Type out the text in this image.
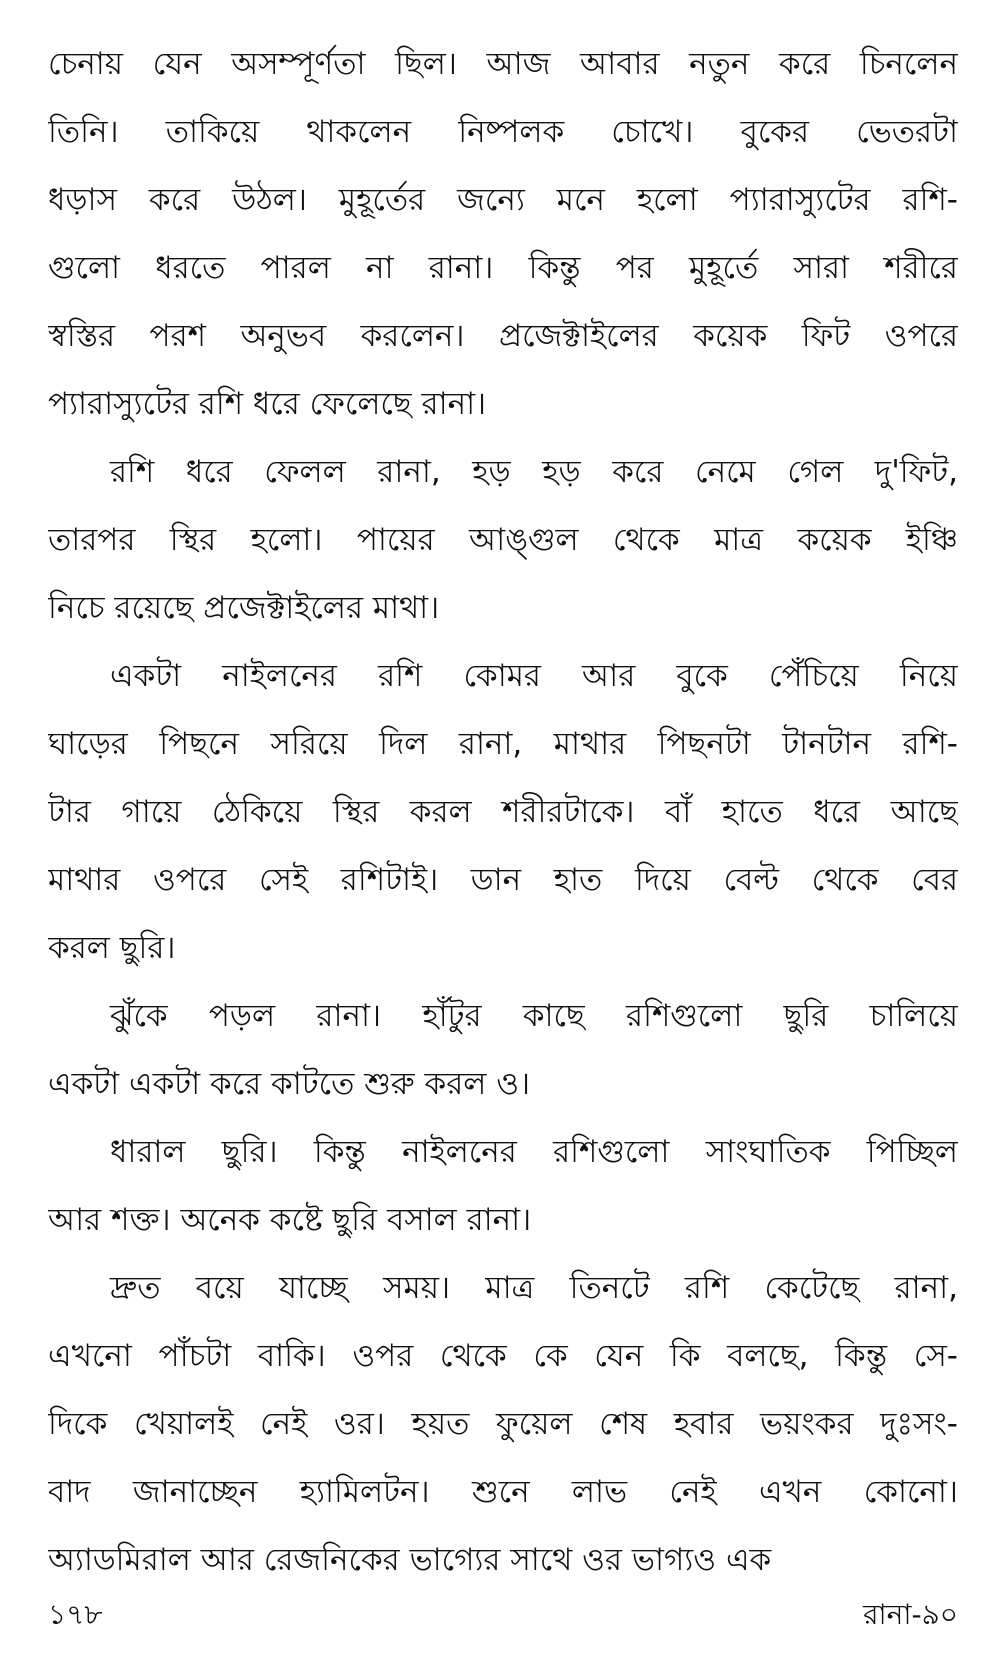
চেনায় যেন অসম্পূর্ণতা ছিল। আজ আবার নতুন করে চিনলেন
তিনি। তাকিয়ে থাকলেন নিষ্পলক চোখে। বুকের ভেতরটা
ধড়াস করে উঠল। মুহূর্তের জন্যে মনে হলো প্যারাস্যুটের রশি-
গুলো ধরতে পারল না রানা। কিন্তু পর মুহূর্তে সারা শরীরে
স্বস্তির পরশ অনুভব করলেন। প্রজেক্টাইলের কয়েক ফিট ওপরে
প্যারাস্যুটের রশি ধরে ফেলেছে রানা।
রশি ধরে ফেলল রানা, হড় হড় করে নেমে গেল দু'ফিট,
তারপর স্থির হলো। পায়ের আঙ্গুল থেকে মাত্র কয়েক ইঞ্চি
নিচে রয়েছে প্রজেক্টাইলের মাথা।
একটা নাইলনের রশি কোমর আর বুকে পেঁচিয়ে নিয়ে
ঘাড়ের পিছনে সরিয়ে দিল রানা, মাথার পিছনটা টানটান রশি-
টার গায়ে ঠেকিয়ে স্থির করল শরীরটাকে। বাঁ হাতে ধরে আছে
মাথার ওপরে সেই রশিটাই। ডান হাত দিয়ে বেল্ট থেকে বের
করল ছুরি।
ঝুঁকে পড়ল রানা। হাঁটুর কাছে রশিগুলো ছুরি চালিয়ে
একটা একটা করে কাটতে শুরু করল ও।
ধারাল ছুরি। কিন্তু নাইলনের রশিগুলো সাংঘাতিক পিচ্ছিল
আর শক্ত। অনেক কষ্টে ছুরি বসাল রানা।
দ্রুত বয়ে যাচ্ছে সময়। মাত্র তিনটে রশি কেটেছে রানা,
এখনো পাঁচটা বাকি। ওপর থেকে কে যেন কি বলছে, কিন্তু সে-
দিকে খেয়ালই নেই ওর। হয়ত ফুয়েল শেষ হবার ভয়ংকর দুঃসং-
বাদ জানাচ্ছেন হ্যামিলটন। শুনে লাভ নেই এখন কোনো।
অ্যাডমিরাল আর রেজনিকের ভাগ্যের সাথে ওর ভাগ্যও এক
১৭৮	রানা-৯০
